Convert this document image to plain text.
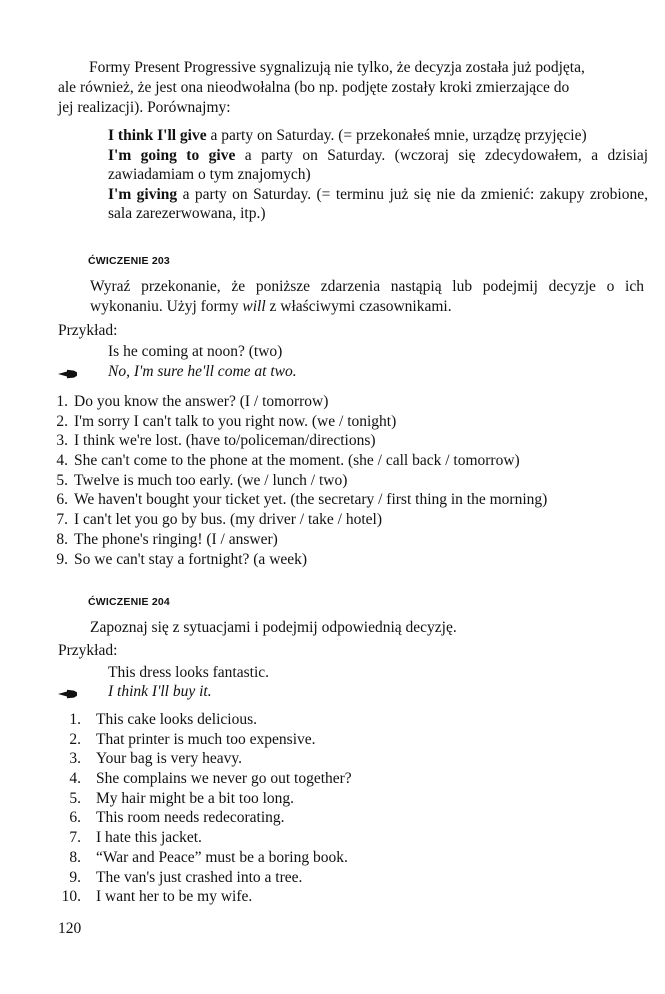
Formy Present Progressive sygnalizują nie tylko, że decyzja została już podjęta,

ale również, że jest ona nieodwołalna (bo np. podjęte zostały kroki zmierzające do

jej realizacji). Porównajmy:

I think I'll give a party on Saturday. (= przekonałeś mnie, urządzę przyjęcie)

I'm going to give a party on Saturday. (wczoraj się zdecydowałem, a dzisiaj zawiadamiam o tym znajomych)

I'm giving a party on Saturday. (= terminu już się nie da zmienić: zakupy zrobione, sala zarezerwowana, itp.)

ĆWICZENIE 203

Wyraź przekonanie, że poniższe zdarzenia nastąpią lub podejmij decyzje o ich wykonaniu. Użyj formy will z właściwymi czasownikami.

Przykład:
Is he coming at noon? (two)
No, I'm sure he'll come at two.
1. Do you know the answer? (I / tomorrow)
2. I'm sorry I can't talk to you right now. (we / tonight)
3. I think we're lost. (have to/policeman/directions)
4. She can't come to the phone at the moment. (she / call back / tomorrow)
5. Twelve is much too early. (we / lunch / two)
6. We haven't bought your ticket yet. (the secretary / first thing in the morning)
7. I can't let you go by bus. (my driver / take / hotel)
8. The phone's ringing! (I / answer)
9. So we can't stay a fortnight? (a week)
ĆWICZENIE 204

Zapoznaj się z sytuacjami i podejmij odpowiednią decyzję.

Przykład:
This dress looks fantastic.
I think I'll buy it.
1. This cake looks delicious.
2. That printer is much too expensive.
3. Your bag is very heavy.
4. She complains we never go out together?
5. My hair might be a bit too long.
6. This room needs redecorating.
7. I hate this jacket.
8. “War and Peace” must be a boring book.
9. The van's just crashed into a tree.
10. I want her to be my wife.
120
